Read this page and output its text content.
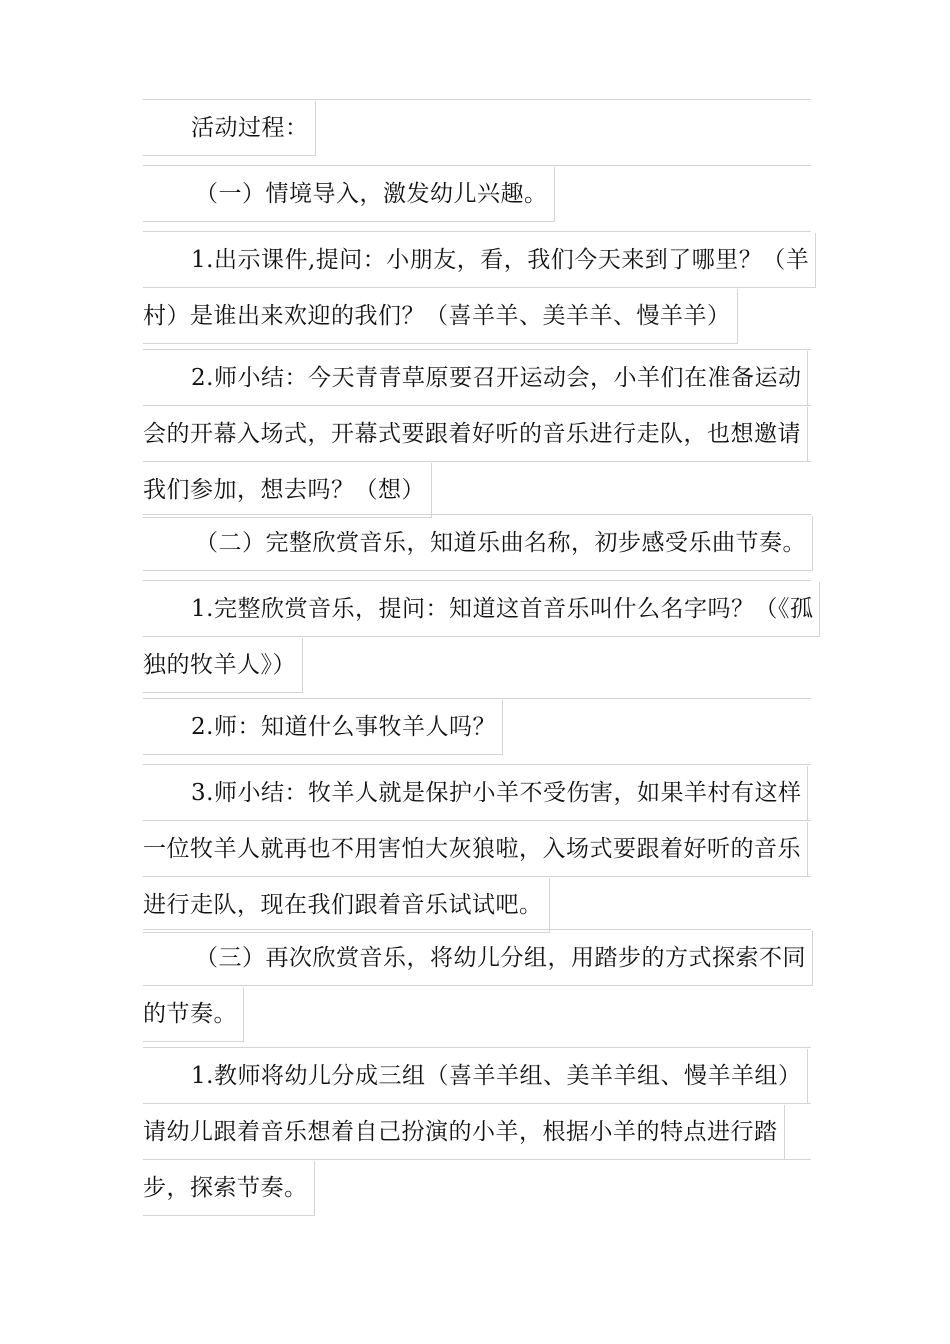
活动过程：
（一）情境导入，激发幼儿兴趣。
1.出示课件,提问：小朋友，看，我们今天来到了哪里？（羊
村）是谁出来欢迎的我们？（喜羊羊、美羊羊、慢羊羊）
2.师小结：今天青青草原要召开运动会，小羊们在准备运动
会的开幕入场式，开幕式要跟着好听的音乐进行走队，也想邀请
我们参加，想去吗？（想）
（二）完整欣赏音乐，知道乐曲名称，初步感受乐曲节奏。
1.完整欣赏音乐，提问：知道这首音乐叫什么名字吗？（《孤
独的牧羊人》）
2.师：知道什么事牧羊人吗？
3.师小结：牧羊人就是保护小羊不受伤害，如果羊村有这样
一位牧羊人就再也不用害怕大灰狼啦，入场式要跟着好听的音乐
进行走队，现在我们跟着音乐试试吧。
（三）再次欣赏音乐，将幼儿分组，用踏步的方式探索不同
的节奏。
1.教师将幼儿分成三组（喜羊羊组、美羊羊组、慢羊羊组）
请幼儿跟着音乐想着自己扮演的小羊，根据小羊的特点进行踏
步，探索节奏。
